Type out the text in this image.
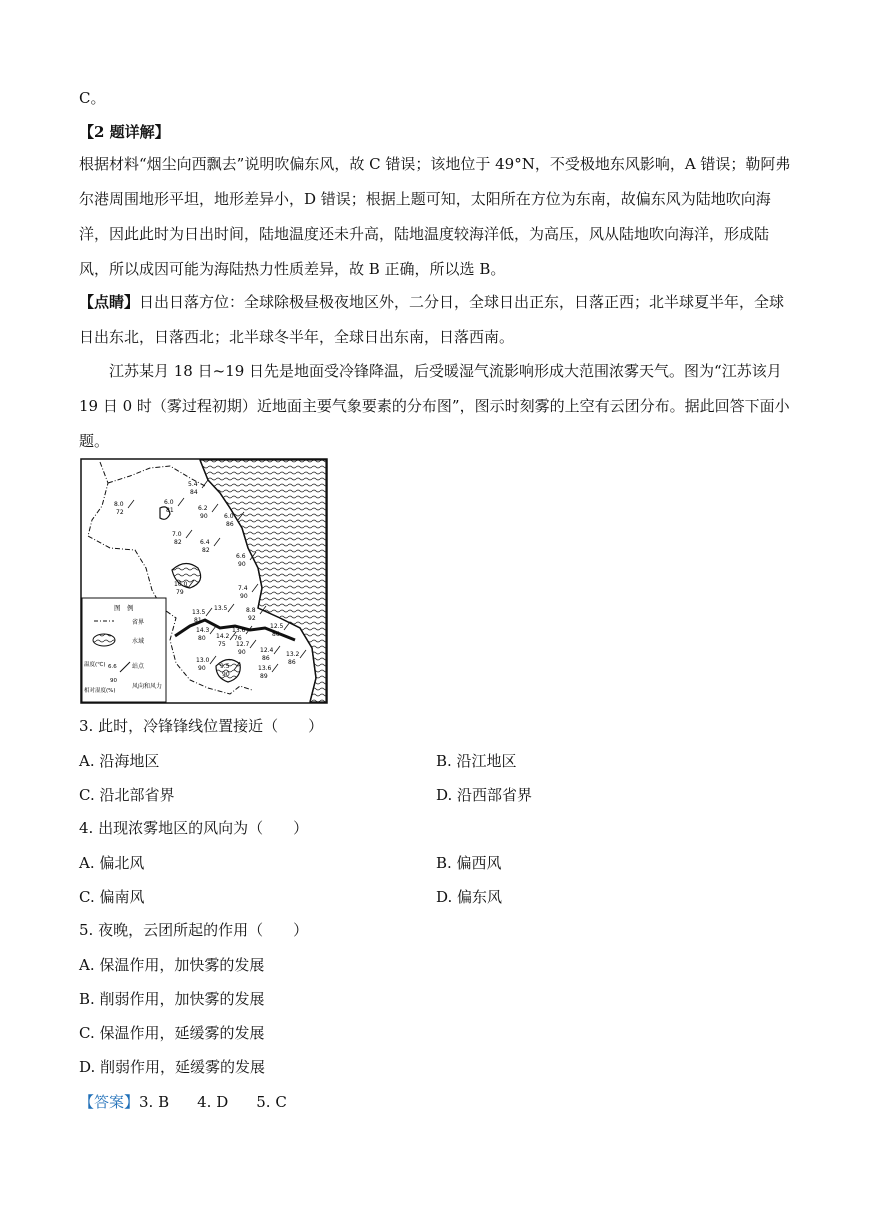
C。
【2 题详解】
根据材料“烟尘向西飘去”说明吹偏东风，故 C 错误；该地位于 49°N，不受极地东风影响，A 错误；勒阿弗尔港周围地形平坦，地形差异小，D 错误；根据上题可知，太阳所在方位为东南，故偏东风为陆地吹向海洋，因此此时为日出时间，陆地温度还未升高，陆地温度较海洋低，为高压，风从陆地吹向海洋，形成陆风，所以成因可能为海陆热力性质差异，故 B 正确，所以选 B。
【点睛】日出日落方位：全球除极昼极夜地区外，二分日，全球日出正东，日落正西；北半球夏半年，全球日出东北，日落西北；北半球冬半年，全球日出东南，日落西南。
江苏某月 18 日~19 日先是地面受冷锋降温，后受暖湿气流影响形成大范围浓雾天气。图为“江苏该月 19 日 0 时（雾过程初期）近地面主要气象要素的分布图”，图示时刻雾的上空有云团分布。据此回答下面小题。
图　例
省界
水域
温度(℃) 6.6
90
站点
相对湿度(%)
风向和风力
5.4
84
8.0
72
6.0
81	6.2
90	6.0
86
7.0
82	6.4
82
6.6
90
10.0
79
7.4
90
13.5
81
13.5	8.8
92
14.3
80 14.2
75
13.6
76
12.5
86
12.7
90 12.4
86
13.0
90 9.5
90
13.6
89
13.2
86
3. 此时，冷锋锋线位置接近（　　）
A. 沿海地区	B. 沿江地区
C. 沿北部省界	D. 沿西部省界
4. 出现浓雾地区的风向为（　　）
A. 偏北风	B. 偏西风
C. 偏南风	D. 偏东风
5. 夜晚，云团所起的作用（　　）
A. 保温作用，加快雾的发展
B. 削弱作用，加快雾的发展
C. 保温作用，延缓雾的发展
D. 削弱作用，延缓雾的发展
【答案】3. B 4. D 5. C
